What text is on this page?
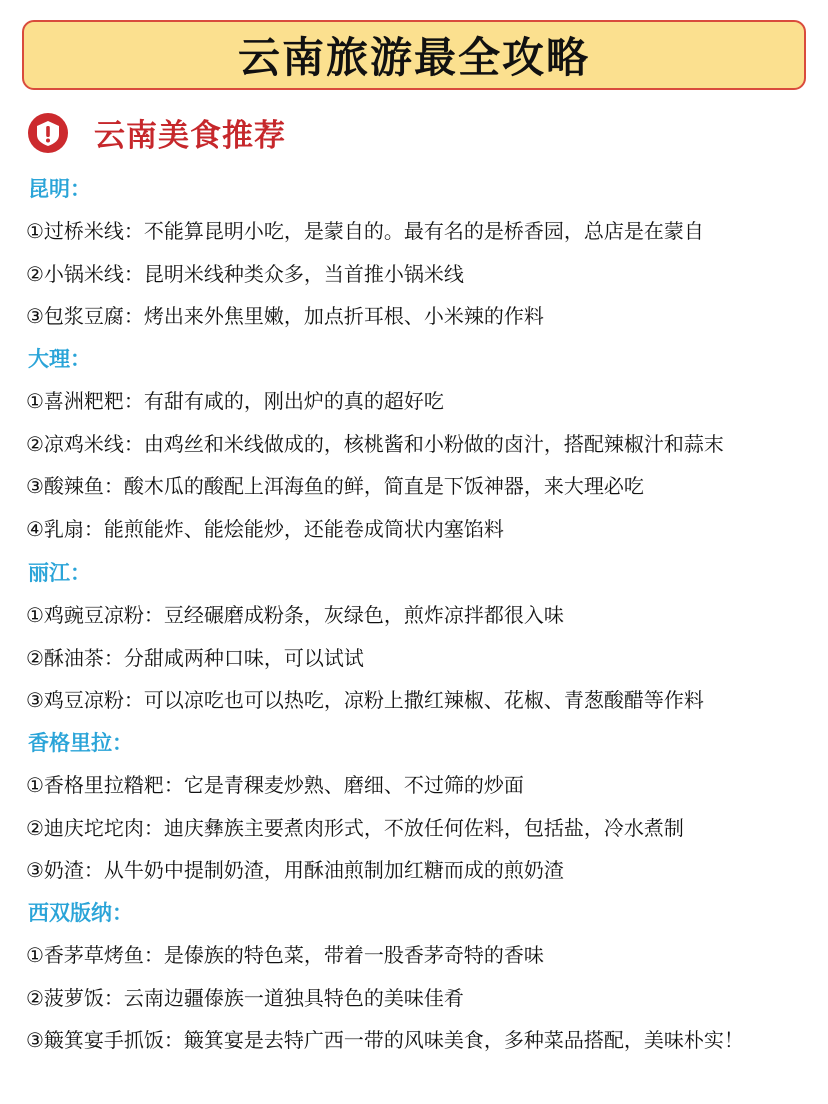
云南旅游最全攻略
云南美食推荐
昆明：
①过桥米线：不能算昆明小吃，是蒙自的。最有名的是桥香园，总店是在蒙自
②小锅米线：昆明米线种类众多，当首推小锅米线
③包浆豆腐：烤出来外焦里嫩，加点折耳根、小米辣的作料
大理：
①喜洲粑粑：有甜有咸的，刚出炉的真的超好吃
②凉鸡米线：由鸡丝和米线做成的，核桃酱和小粉做的卤汁，搭配辣椒汁和蒜末
③酸辣鱼：酸木瓜的酸配上洱海鱼的鲜，简直是下饭神器，来大理必吃
④乳扇：能煎能炸、能烩能炒，还能卷成筒状内塞馅料
丽江：
①鸡豌豆凉粉：豆经碾磨成粉条，灰绿色，煎炸凉拌都很入味
②酥油茶：分甜咸两种口味，可以试试
③鸡豆凉粉：可以凉吃也可以热吃，凉粉上撒红辣椒、花椒、青葱酸醋等作料
香格里拉：
①香格里拉糌粑：它是青稞麦炒熟、磨细、不过筛的炒面
②迪庆坨坨肉：迪庆彝族主要煮肉形式，不放任何佐料，包括盐，冷水煮制
③奶渣：从牛奶中提制奶渣，用酥油煎制加红糖而成的煎奶渣
西双版纳：
①香茅草烤鱼：是傣族的特色菜，带着一股香茅奇特的香味
②菠萝饭：云南边疆傣族一道独具特色的美味佳肴
③簸箕宴手抓饭：簸箕宴是去特广西一带的风味美食，多种菜品搭配，美味朴实！
